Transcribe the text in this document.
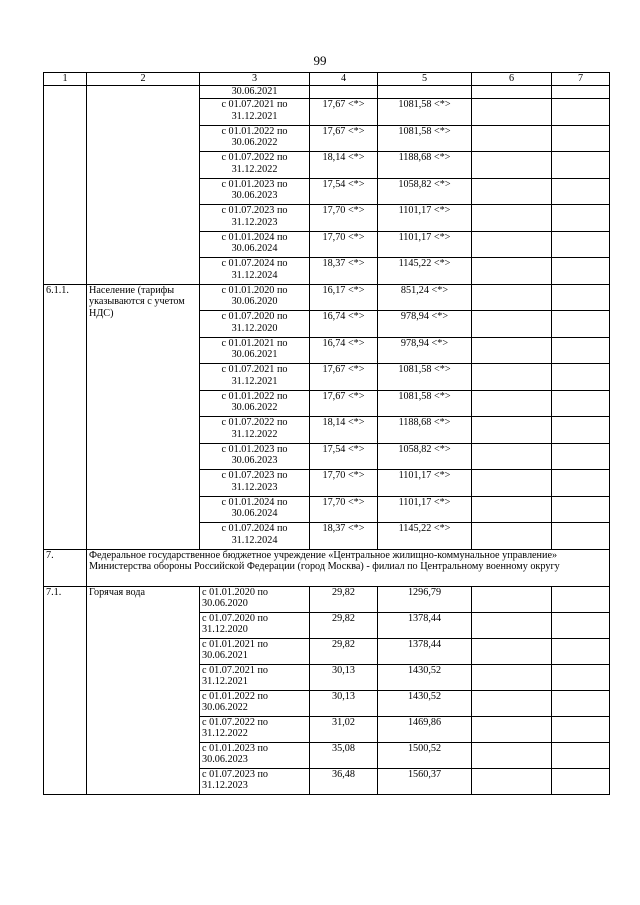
99
1	2	3	4	5	6	7
		30.06.2021				
		с 01.07.2021 по 31.12.2021	17,67 <*>	1081,58 <*>		
		с 01.01.2022 по 30.06.2022	17,67 <*>	1081,58 <*>		
		с 01.07.2022 по 31.12.2022	18,14 <*>	1188,68 <*>		
		с 01.01.2023 по 30.06.2023	17,54 <*>	1058,82 <*>		
		с 01.07.2023 по 31.12.2023	17,70 <*>	1101,17 <*>		
		с 01.01.2024 по 30.06.2024	17,70 <*>	1101,17 <*>		
		с 01.07.2024 по 31.12.2024	18,37 <*>	1145,22 <*>		
6.1.1.	Население (тарифы указываются с учетом НДС)	с 01.01.2020 по 30.06.2020	16,17 <*>	851,24 <*>		
		с 01.07.2020 по 31.12.2020	16,74 <*>	978,94 <*>		
		с 01.01.2021 по 30.06.2021	16,74 <*>	978,94 <*>		
		с 01.07.2021 по 31.12.2021	17,67 <*>	1081,58 <*>		
		с 01.01.2022 по 30.06.2022	17,67 <*>	1081,58 <*>		
		с 01.07.2022 по 31.12.2022	18,14 <*>	1188,68 <*>		
		с 01.01.2023 по 30.06.2023	17,54 <*>	1058,82 <*>		
		с 01.07.2023 по 31.12.2023	17,70 <*>	1101,17 <*>		
		с 01.01.2024 по 30.06.2024	17,70 <*>	1101,17 <*>		
		с 01.07.2024 по 31.12.2024	18,37 <*>	1145,22 <*>		
7.	Федеральное государственное бюджетное учреждение «Центральное жилищно-коммунальное управление» Министерства обороны Российской Федерации (город Москва) - филиал по Центральному военному округу					
7.1.	Горячая вода	с 01.01.2020 по 30.06.2020	29,82	1296,79		
		с 01.07.2020 по 31.12.2020	29,82	1378,44		
		с 01.01.2021 по 30.06.2021	29,82	1378,44		
		с 01.07.2021 по 31.12.2021	30,13	1430,52		
		с 01.01.2022 по 30.06.2022	30,13	1430,52		
		с 01.07.2022 по 31.12.2022	31,02	1469,86		
		с 01.01.2023 по 30.06.2023	35,08	1500,52		
		с 01.07.2023 по 31.12.2023	36,48	1560,37		
